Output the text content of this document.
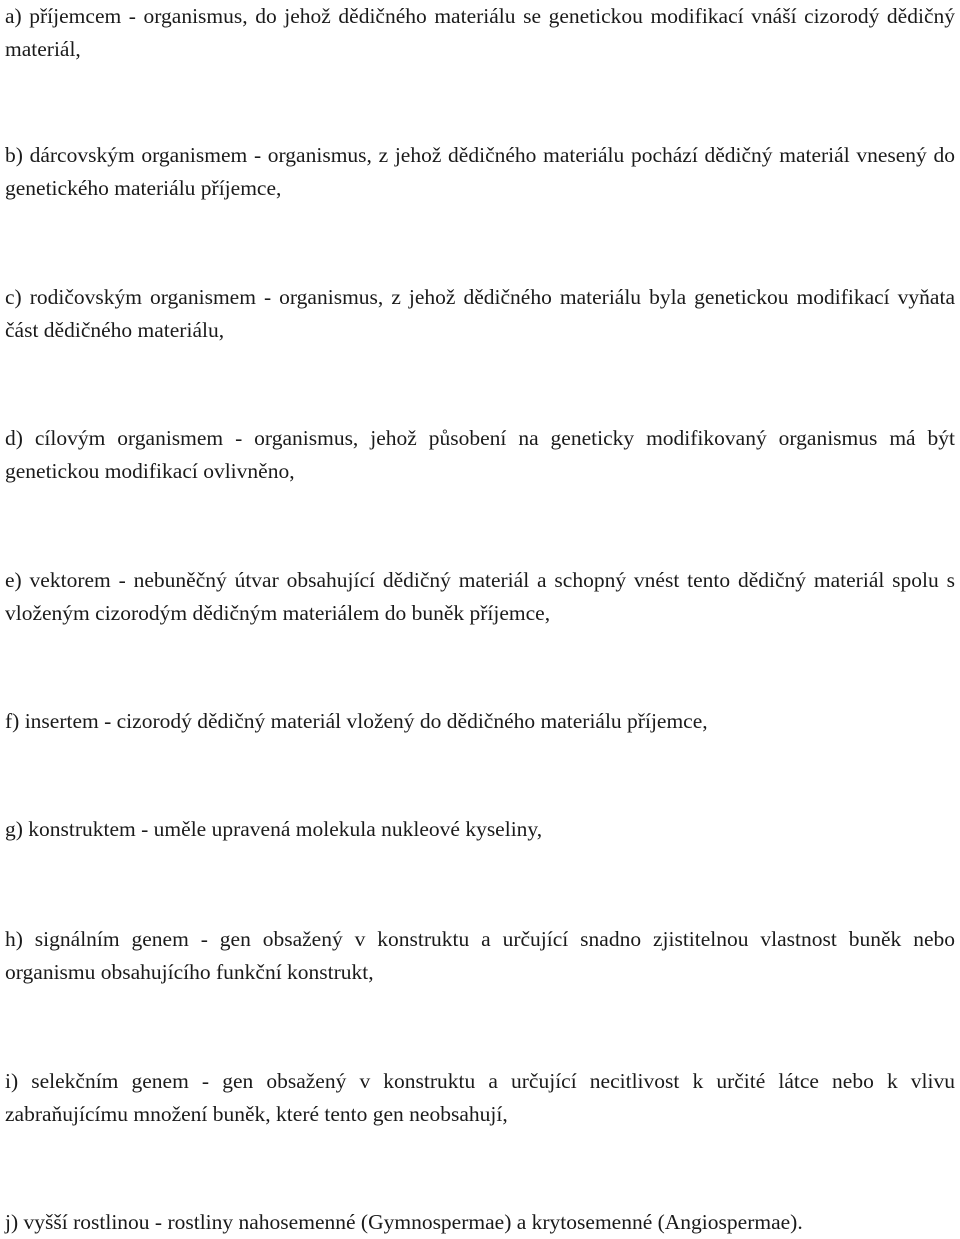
a) příjemcem - organismus, do jehož dědičného materiálu se genetickou modifikací vnáší cizorodý dědičný materiál,

b) dárcovským organismem - organismus, z jehož dědičného materiálu pochází dědičný materiál vnesený do genetického materiálu příjemce,

c) rodičovským organismem - organismus, z jehož dědičného materiálu byla genetickou modifikací vyňata část dědičného materiálu,

d) cílovým organismem - organismus, jehož působení na geneticky modifikovaný organismus má být genetickou modifikací ovlivněno,

e) vektorem - nebuněčný útvar obsahující dědičný materiál a schopný vnést tento dědičný materiál spolu s vloženým cizorodým dědičným materiálem do buněk příjemce,

f) insertem - cizorodý dědičný materiál vložený do dědičného materiálu příjemce,

g) konstruktem - uměle upravená molekula nukleové kyseliny,

h) signálním genem - gen obsažený v konstruktu a určující snadno zjistitelnou vlastnost buněk nebo organismu obsahujícího funkční konstrukt,

i) selekčním genem - gen obsažený v konstruktu a určující necitlivost k určité látce nebo k vlivu zabraňujícímu množení buněk, které tento gen neobsahují,

j) vyšší rostlinou - rostliny nahosemenné (Gymnospermae) a krytosemenné (Angiospermae).
